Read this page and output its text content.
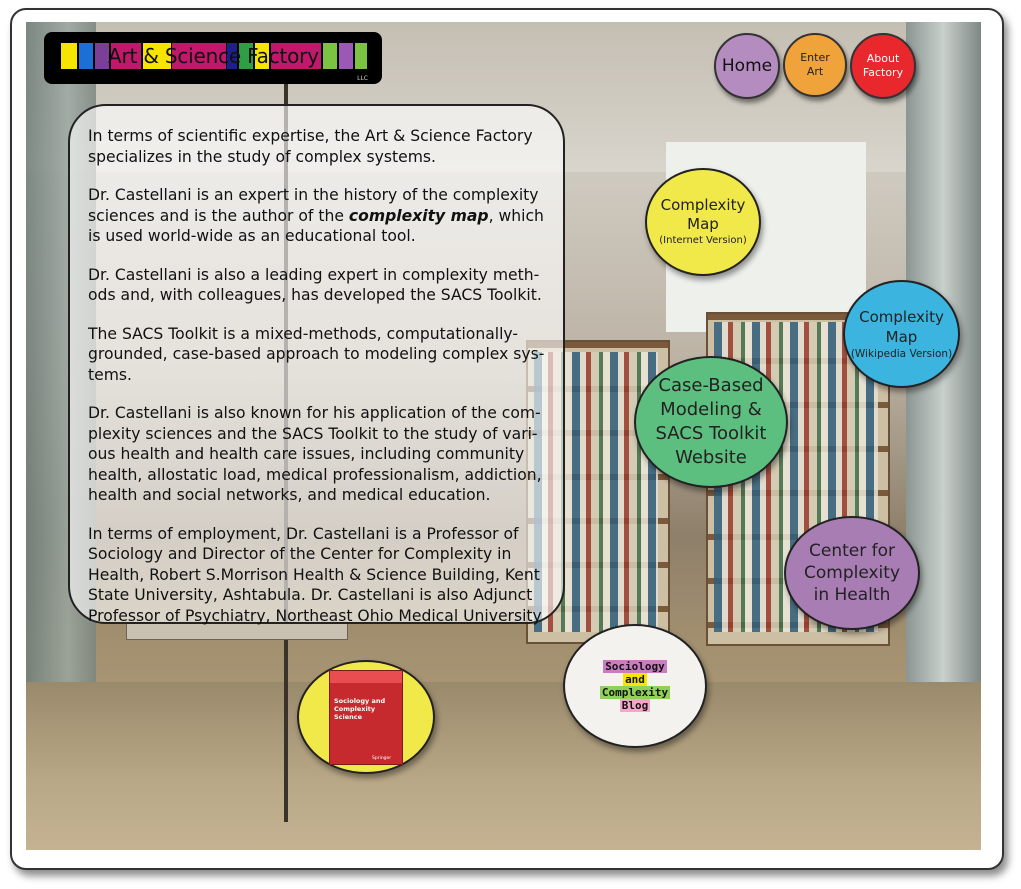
Art & Science Factory
LLC
Home	Enter
Art
About
Factory

In terms of scientific expertise, the Art & Science Factory specializes in the study of complex systems.

Dr. Castellani is an expert in the history of the complexity sciences and is the author of the complexity map, which is used world-wide as an educational tool.

Dr. Castellani is also a leading expert in complexity meth-ods and, with colleagues, has developed the SACS Toolkit.

The SACS Toolkit is a mixed-methods, computationally-grounded, case-based approach to modeling complex sys-tems.

Dr. Castellani is also known for his application of the com-plexity sciences and the SACS Toolkit to the study of vari-ous health and health care issues, including community health, allostatic load, medical professionalism, addiction, health and social networks, and medical education.

In terms of employment, Dr. Castellani is a Professor of Sociology and Director of the Center for Complexity in Health, Robert S.Morrison Health & Science Building, Kent State University, Ashtabula. Dr. Castellani is also Adjunct Professor of Psychiatry, Northeast Ohio Medical University

Complexity
Map
(Internet Version)
Complexity
Map
(Wikipedia Version)
Case-Based
Modeling &
SACS Toolkit
Website
Center for
Complexity
in Health
Sociology
and
Complexity
Blog
Sociology and Complexity Science
Springer
